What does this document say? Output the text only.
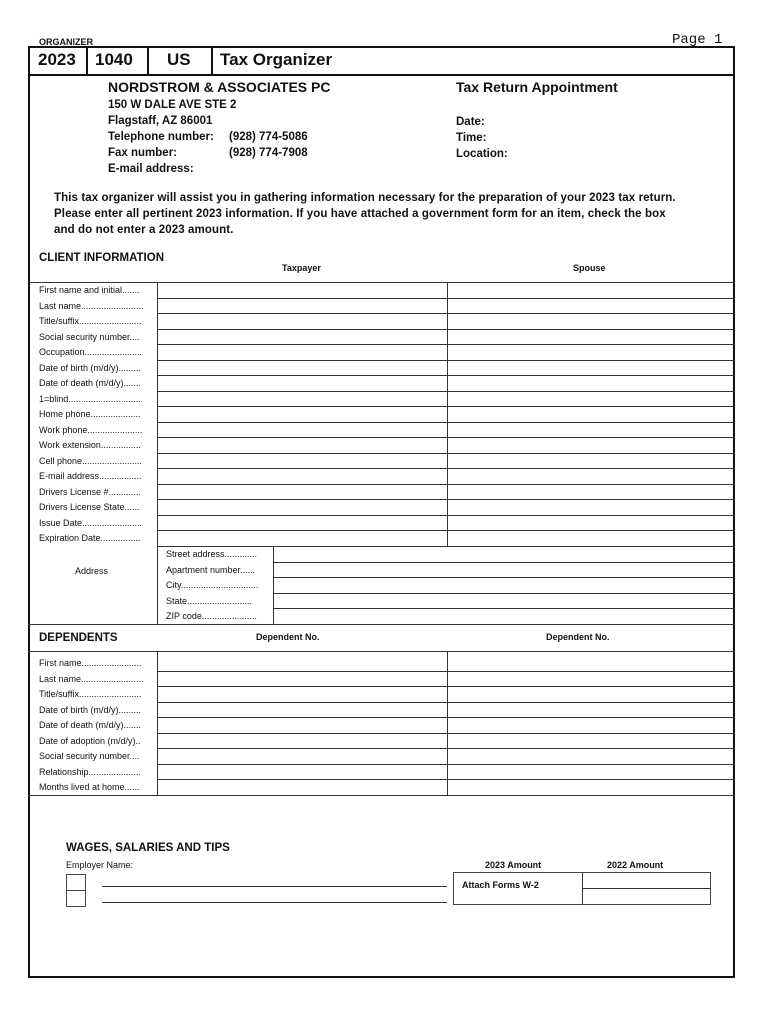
ORGANIZER	Page 1
2023 1040 US Tax Organizer
NORDSTROM & ASSOCIATES PC
150 W DALE AVE STE 2
Flagstaff, AZ 86001
Telephone number: (928) 774-5086
Fax number:	(928) 774-7908
E-mail address:
Tax Return Appointment
Date:
Time:
Location:
This tax organizer will assist you in gathering information necessary for the preparation of your 2023 tax return.
Please enter all pertinent 2023 information. If you have attached a government form for an item, check the box
and do not enter a 2023 amount.
CLIENT INFORMATION
Taxpayer	Spouse
First name and initial.......
Last name.........................
Title/suffix.........................
Social security number....
Occupation.......................
Date of birth (m/d/y).........
Date of death (m/d/y).......
1=blind.............................
Home phone....................
Work phone......................
Work extension................
Cell phone........................
E-mail address.................
Drivers License #.............
Drivers License State......
Issue Date........................
Expiration Date................
Address
Street address.............
Apartment number......
City...............................
State..........................
ZIP code......................
DEPENDENTS	Dependent No.	Dependent No.
First name........................
Last name.........................
Title/suffix.........................
Date of birth (m/d/y).........
Date of death (m/d/y).......
Date of adoption (m/d/y)..
Social security number....
Relationship.....................
Months lived at home......
WAGES, SALARIES AND TIPS
Employer Name:	2023 Amount	2022 Amount
Attach Forms W-2
